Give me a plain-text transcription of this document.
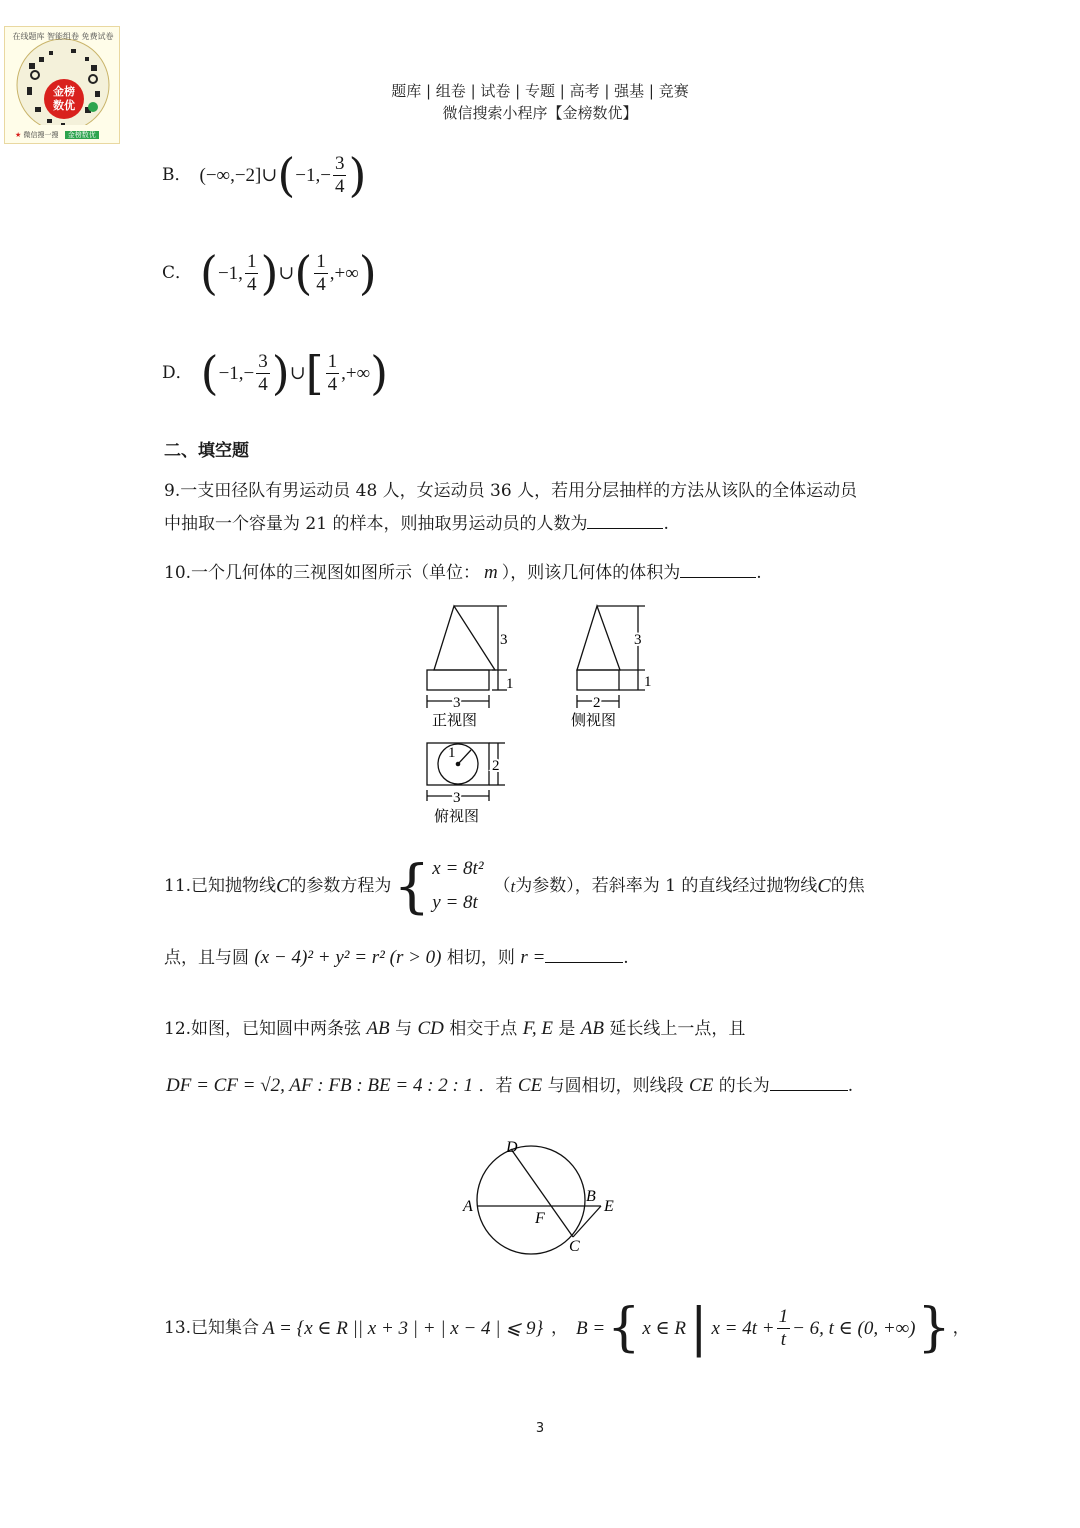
题库 | 组卷 | 试卷 | 专题 | 高考 | 强基 | 竞赛
微信搜索小程序【金榜数优】
金榜
数优
在线题库 智能组卷 免费试卷
★ 微信搜一搜 金榜数优
B． (−∞,−2]∪ ( $-1,- \frac{3}{4}$ )
C． ( −1, $\frac{1}{4}$ ) ∪ ( $\frac{1}{4}$ ,+∞ )
D． ( $-1,- \frac{3}{4}$ ) ∪ [ $\frac{1}{4}$ ,+∞ )
二、填空题
9.一支田径队有男运动员 48 人，女运动员 36 人，若用分层抽样的方法从该队的全体运动员
中抽取一个容量为 21 的样本，则抽取男运动员的人数为	.
10.一个几何体的三视图如图所示（单位： m ），则该几何体的体积为	.
3
1
3
正视图
3
1
2
侧视图
1
2
3
俯视图
11.已知抛物线 C 的参数方程为 { x = 8t²
y = 8t
（ t 为参数），若斜率为 1 的直线经过抛物线 C 的焦
点，且与圆 (x − 4)² + y² = r² (r > 0) 相切，则 r =	.
12.如图，已知圆中两条弦 AB 与 CD 相交于点 F, E 是 AB 延长线上一点，且
DF = CF = √2, AF : FB : BE = 4 : 2 : 1 ．若 CE 与圆相切，则线段 CE 的长为	.
D
A
F
B
E
C
13.已知集合 A = {x ∈ R || x + 3 | + | x − 4 | ⩽ 9} ， B = { x ∈ R | $x = 4t + \frac{1}{t} - 6$, t ∈ (0, +∞) } ，
3
